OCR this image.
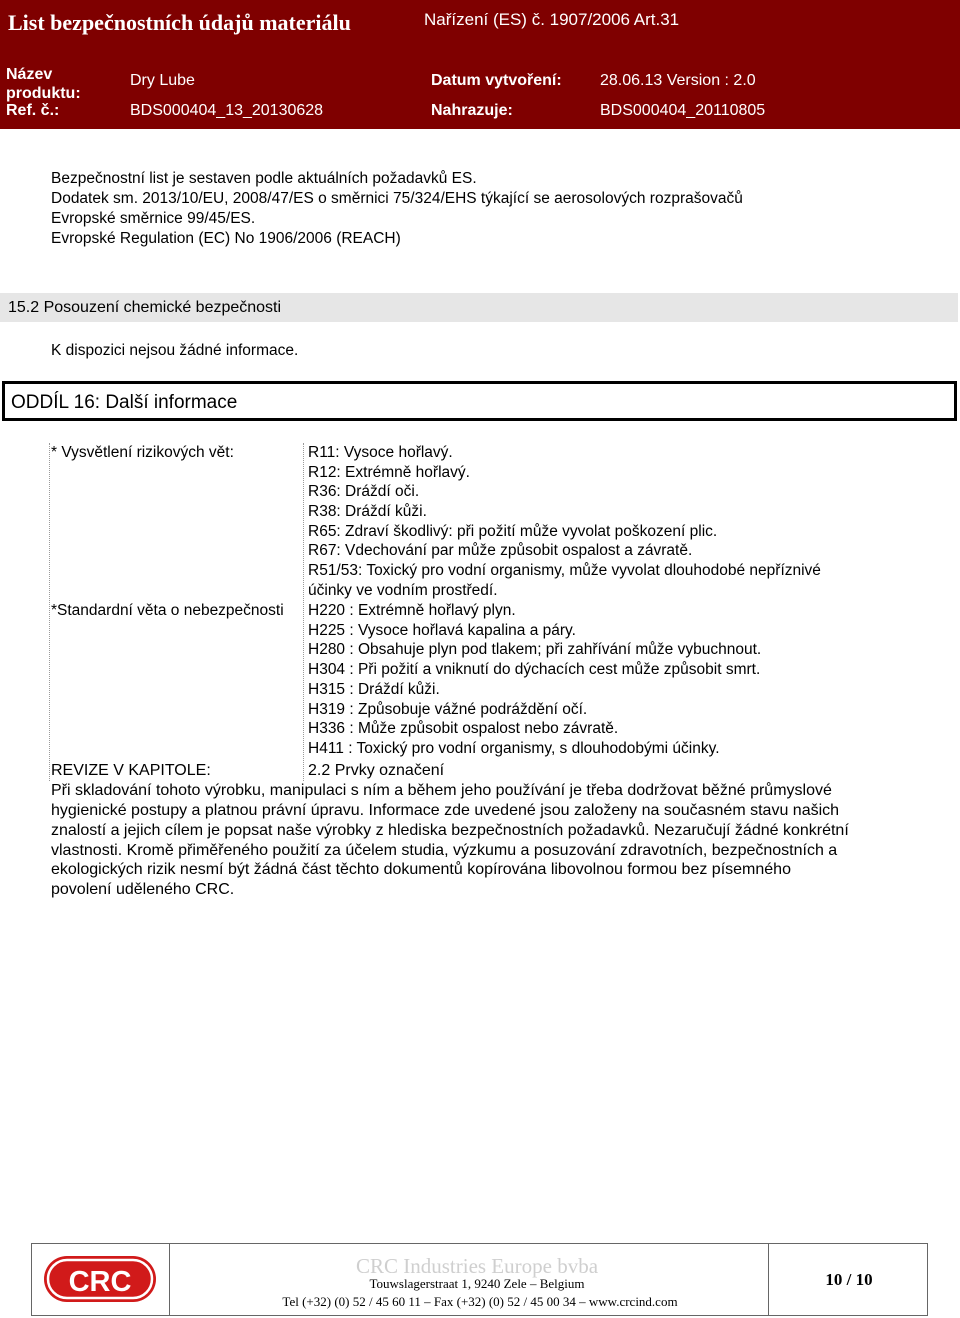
List bezpečnostních údajů materiálu	Nařízení (ES) č. 1907/2006 Art.31
Název
produktu:
Dry Lube	Datum vytvoření: 28.06.13 Version : 2.0
Ref. č.:	BDS000404_13_20130628	Nahrazuje:	BDS000404_20110805
Bezpečnostní list je sestaven podle aktuálních požadavků ES.
Dodatek sm. 2013/10/EU, 2008/47/ES o směrnici 75/324/EHS týkající se aerosolových rozprašovačů
Evropské směrnice 99/45/ES.
Evropské Regulation (EC) No 1906/2006 (REACH)
15.2 Posouzení chemické bezpečnosti
K dispozici nejsou žádné informace.
ODDÍL 16: Další informace
* Vysvětlení rizikových vět:	R11: Vysoce hořlavý.
R12: Extrémně hořlavý.
R36: Dráždí oči.
R38: Dráždí kůži.
R65: Zdraví škodlivý: při požití může vyvolat poškození plic.
R67: Vdechování par může způsobit ospalost a závratě.
R51/53: Toxický pro vodní organismy, může vyvolat dlouhodobé nepříznivé
účinky ve vodním prostředí.
*Standardní věta o nebezpečnosti H220 : Extrémně hořlavý plyn.
H225 : Vysoce hořlavá kapalina a páry.
H280 : Obsahuje plyn pod tlakem; při zahřívání může vybuchnout.
H304 : Při požití a vniknutí do dýchacích cest může způsobit smrt.
H315 : Dráždí kůži.
H319 : Způsobuje vážné podráždění očí.
H336 : Může způsobit ospalost nebo závratě.
H411 : Toxický pro vodní organismy, s dlouhodobými účinky.
REVIZE V KAPITOLE:	2.2 Prvky označení
Při skladování tohoto výrobku, manipulaci s ním a během jeho používání je třeba dodržovat běžné průmyslové
hygienické postupy a platnou právní úpravu. Informace zde uvedené jsou založeny na současném stavu našich
znalostí a jejich cílem je popsat naše výrobky z hlediska bezpečnostních požadavků. Nezaručují žádné konkrétní
vlastnosti. Kromě přiměřeného použití za účelem studia, výzkumu a posuzování zdravotních, bezpečnostních a
ekologických rizik nesmí být žádná část těchto dokumentů kopírována libovolnou formou bez písemného
povolení uděleného CRC.
CRC	CRC Industries Europe bvba
Touwslagerstraat 1, 9240 Zele – Belgium
Tel (+32) (0) 52 / 45 60 11 – Fax (+32) (0) 52 / 45 00 34 – www.crcind.com
10 / 10
